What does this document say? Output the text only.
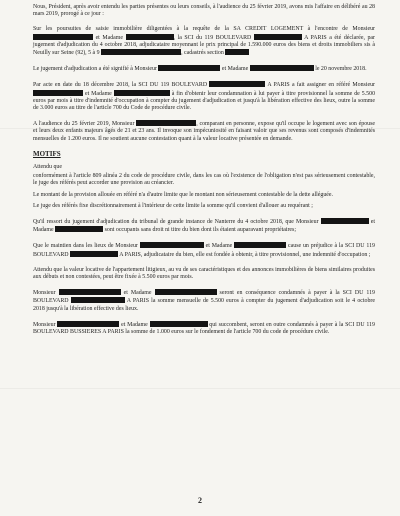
Nous, Président, après avoir entendu les parties présentes ou leurs conseils, à l'audience du 25 février 2019, avons mis l'affaire en délibéré au 28 mars 2019, prorogé à ce jour :

Sur les poursuites de saisie immobilière diligentées à la requête de la SA CREDIT LOGEMENT à l'encontre de Monsieur  et Madame	, la SCI du 119 BOULEVARD	A PARIS a été déclarée, par jugement d'adjudication du 4 octobre 2018, adjudicataire moyennant le prix principal de 1.590.000 euros des biens et droits immobiliers sis à Neuilly sur Seine (92), 5 à 9	, cadastrés section

Le jugement d'adjudication a été signifié à Monsieur	et Madame	le 20 novembre 2018.

Par acte en date du 18 décembre 2018, la SCI DU 119 BOULEVARD	A PARIS a fait assigner en référé Monsieur  et Madame	à fin d'obtenir leur condamnation à lui payer à titre provisionnel la somme de 5.500 euros par mois à titre d'indemnité d'occupation à compter du jugement d'adjudication et jusqu'à la libération effective des lieux, outre la somme de 3.000 euros au titre de l'article 700 du Code de procédure civile.

A l'audience du 25 février 2019, Monsieur	, comparant en personne, expose qu'il occupe le logement avec son épouse et leurs deux enfants majeurs âgés de 21 et 23 ans. Il invoque son impécuniosité en faisant valoir que ses revenus sont composés d'indemnités mensuelles de 1.200 euros. Il ne soutient aucune contestation quant à la valeur locative présentée en demande.

MOTIFS

Attendu que

conformément à l'article 809 alinéa 2 du code de procédure civile, dans les cas où l'existence de l'obligation n'est pas sérieusement contestable, le juge des référés peut accorder une provision au créancier.

Le montant de la provision allouée en référé n'a d'autre limite que le montant non sérieusement contestable de la dette alléguée.

Le juge des référés fixe discrétionnairement à l'intérieur de cette limite la somme qu'il convient d'allouer au requérant ;

Qu'il ressort du jugement d'adjudication du tribunal de grande instance de Nanterre du 4 octobre 2018, que Monsieur	et Madame	sont occupants sans droit ni titre du bien dont ils étaient auparavant propriétaires;

Que le maintien dans les lieux de Monsieur	et Madame	cause un préjudice à la SCI DU 119 BOULEVARD	A PARIS, adjudicataire du bien, elle est fondée à obtenir, à titre provisionnel, une indemnité d'occupation ;

Attendu que la valeur locative de l'appartement litigieux, au vu de ses caractéristiques et des annonces immobilières de biens similaires produites aux débuts et non contestées, peut être fixée à 5.500 euros par mois.

Monsieur	et Madame	seront en conséquence condamnés à payer à la SCI DU 119 BOULEVARD	A PARIS la somme mensuelle de 5.500 euros à compter du jugement d'adjudication soit le 4 octobre 2018 jusqu'à la libération effective des lieux.

Monsieur	et Madame	qui succombent, seront en outre condamnés à payer à la SCI DU 119 BOULEVARD BUSSIERES A PARIS la somme de 1.000 euros sur le fondement de l'article 700 du code de procédure civile.

2
